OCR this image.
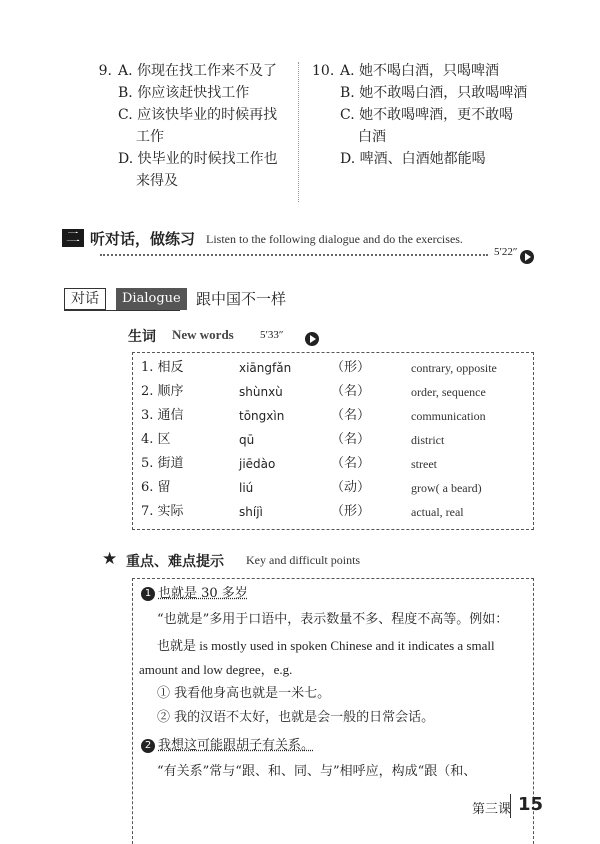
9. A. 你现在找工作来不及了
B. 你应该赶快找工作
C. 应该快毕业的时候再找
工作
D. 快毕业的时候找工作也
来得及
10. A. 她不喝白酒，只喝啤酒
B. 她不敢喝白酒，只敢喝啤酒
C. 她不敢喝啤酒，更不敢喝
白酒
D. 啤酒、白酒她都能喝
二 听对话，做练习 Listen to the following dialogue and do the exercises.
5′22″

对话	Dialogue	跟中国不一样
生词 New words 5′33″
1. 相反	xiāngfǎn	（形）	contrary, opposite
2. 顺序	shùnxù	（名）	order, sequence
3. 通信	tōngxìn	（名）	communication
4. 区	qū	（名）	district
5. 街道	jiēdào	（名）	street
6. 留	liú	（动）	grow( a beard)
7. 实际	shíjì	（形）	actual, real
★ 重点、难点提示 Key and difficult points
1 也就是 30 多岁
“也就是”多用于口语中，表示数量不多、程度不高等。例如：
也就是 is mostly used in spoken Chinese and it indicates a small
amount and low degree，e.g.
① 我看他身高也就是一米七。
② 我的汉语不太好，也就是会一般的日常会话。
2 我想这可能跟胡子有关系。
“有关系”常与“跟、和、同、与”相呼应，构成“跟（和、
第三课 15
